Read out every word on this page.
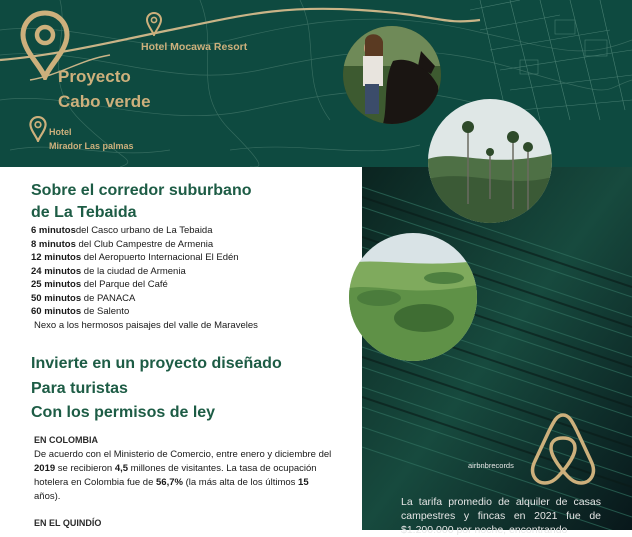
Proyecto
Cabo verde
Hotel Mocawa Resort
Hotel
Mirador Las palmas
airbnbrecords
La tarifa promedio de alquiler de casas campestres y fincas en 2021 fue de $1.200.000 por noche, encontrando
Sobre el corredor suburbano
de La Tebaida
6 minutosdel Casco urbano de La Tebaida
8 minutos del Club Campestre de Armenia
12 minutos del Aeropuerto Internacional El Edén
24 minutos de la ciudad de Armenia
25 minutos del Parque del Café
50 minutos de PANACA
60 minutos de Salento
Nexo a los hermosos paisajes del valle de Maraveles
Invierte en un proyecto diseñado
Para turistas
Con los permisos de ley
EN COLOMBIA
De acuerdo con el Ministerio de Comercio, entre enero y diciembre del 2019 se recibieron 4,5 millones de visitantes. La tasa de ocupación hotelera en Colombia fue de 56,7% (la más alta de los últimos 15 años).
EN EL QUINDÍO
